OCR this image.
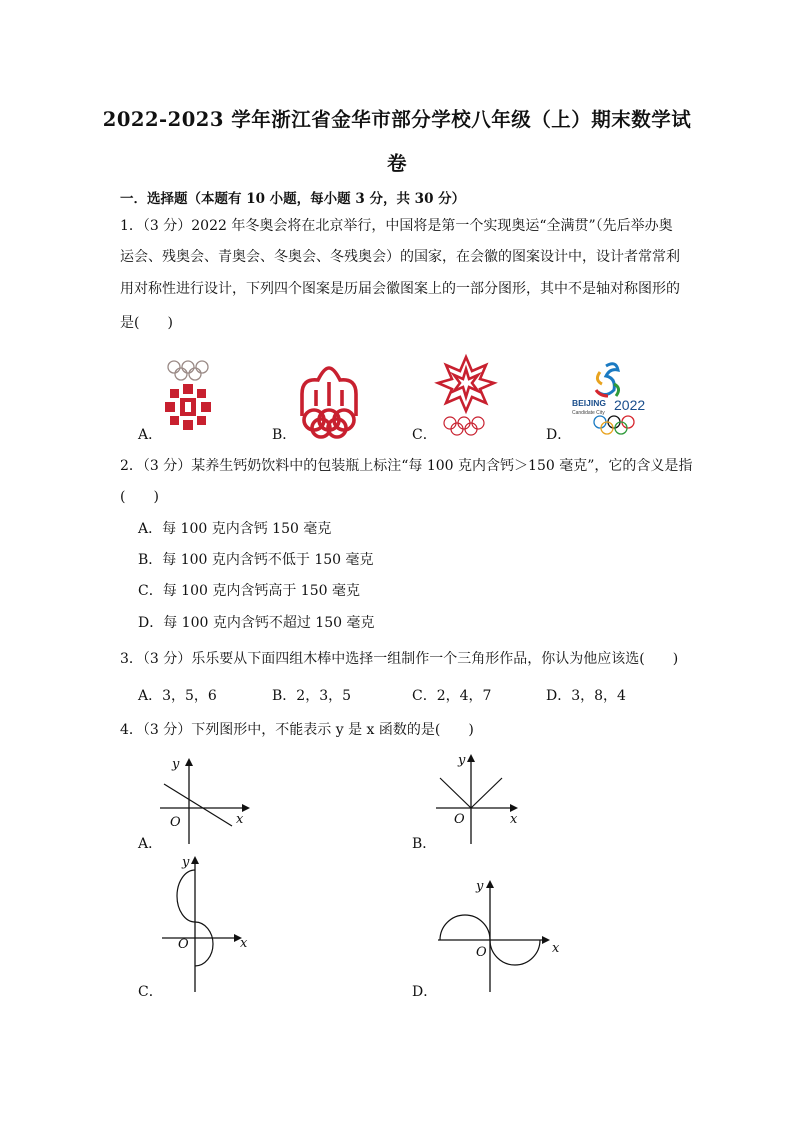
2022-2023 学年浙江省金华市部分学校八年级（上）期末数学试
卷
一．选择题（本题有 10 小题，每小题 3 分，共 30 分）
1．（3 分）2022 年冬奥会将在北京举行，中国将是第一个实现奥运“全满贯”（先后举办奥
运会、残奥会、青奥会、冬奥会、冬残奥会）的国家，在会徽的图案设计中，设计者常常利
用对称性进行设计，下列四个图案是历届会徽图案上的一部分图形，其中不是轴对称图形的
是(　　)
A．	B．	C．
BEIJING 2022
Candidate City
D．
2．（3 分）某养生钙奶饮料中的包装瓶上标注“每 100 克内含钙＞150 毫克”，它的含义是指
(　　)
A．每 100 克内含钙 150 毫克
B．每 100 克内含钙不低于 150 毫克
C．每 100 克内含钙高于 150 毫克
D．每 100 克内含钙不超过 150 毫克
3．（3 分）乐乐要从下面四组木棒中选择一组制作一个三角形作品，你认为他应该选(　　)
A．3，5，6	B．2，3，5	C．2，4，7	D．3，8，4
4．（3 分）下列图形中，不能表示 y 是 x 函数的是(　　)
y
x
O
A．
y
x
O
B．
y
x
O
C．
y
x
O
D．
